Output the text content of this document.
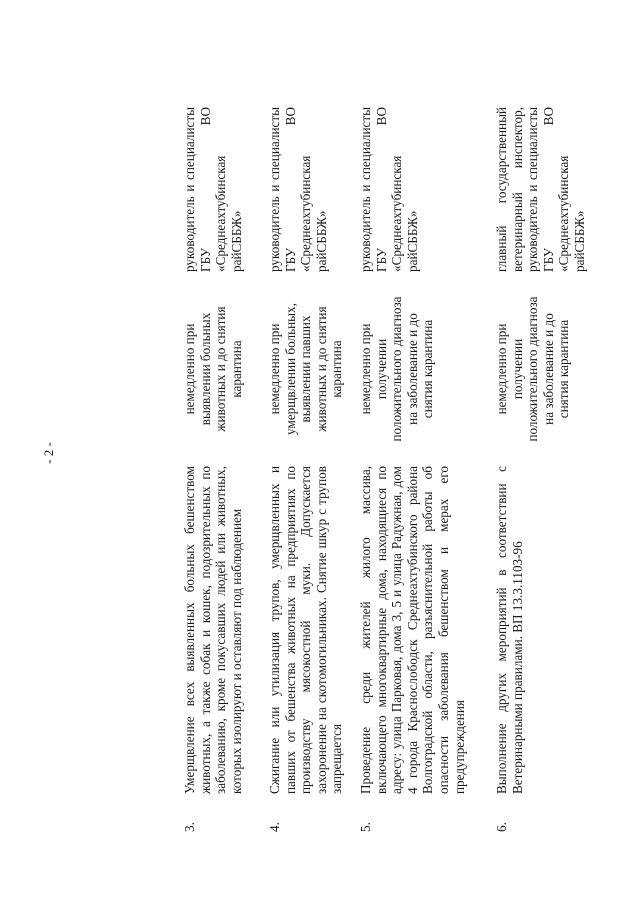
- 2 -
3.
Умерщвление всех выявленных больных бешенством животных, а также собак и кошек, подозрительных по заболеванию, кроме покусавших людей или животных, которых изолируют и оставляют под наблюдением
немедленно при выявлении больных животных и до снятия карантина
руководитель и специалисты ГБУ ВО «Среднеахтубинская райСББЖ»
4.
Сжигание или утилизация трупов, умерщвленных и павших от бешенства животных на предприятиях по производству мясокостной муки. Допускается захоронение на скотомогильниках. Снятие шкур с трупов запрещается
немедленно при умерщвлении больных, выявлении павших животных и до снятия карантина
руководитель и специалисты ГБУ ВО «Среднеахтубинская райСББЖ»
5.
Проведение среди жителей жилого массива, включающего многоквартирные дома, находящиеся по адресу: улица Парковая, дома 3, 5 и улица Радужная, дом 4 города Краснослободск Среднеахтубинского района Волгоградской области, разъяснительной работы об опасности заболевания бешенством и мерах его предупреждения
немедленно при получении положительного диагноза на заболевание и до снятия карантина
руководитель и специалисты ГБУ ВО «Среднеахтубинская райСББЖ»
6.
Выполнение других мероприятий в соответствии с Ветеринарными правилами. ВП 13.3.1103-96
немедленно при получении положительного диагноза на заболевание и до снятия карантина
главный государственный ветеринарный инспектор, руководитель и специалисты ГБУ ВО «Среднеахтубинская райСББЖ»
